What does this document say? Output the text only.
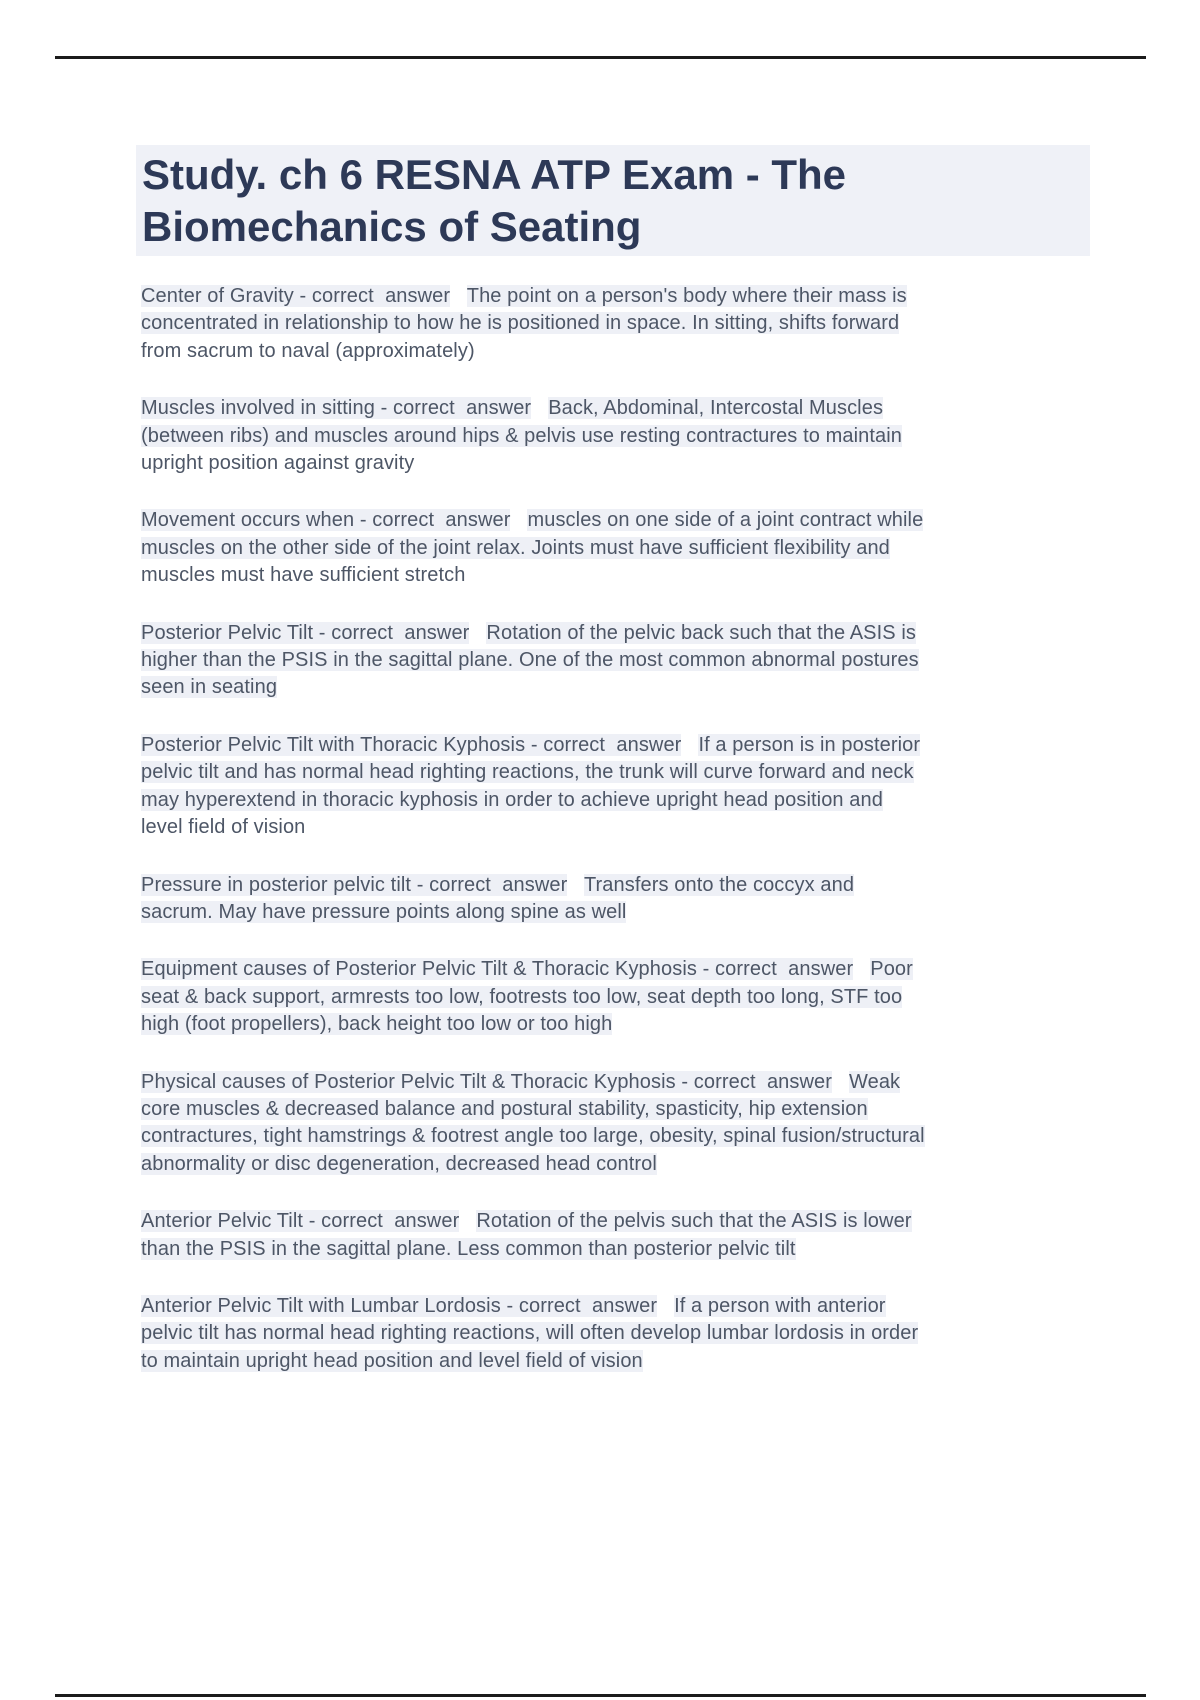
Study. ch 6 RESNA ATP Exam - The
Biomechanics of Seating
Center of Gravity - correct  answer The point on a person's body where their mass is
concentrated in relationship to how he is positioned in space. In sitting, shifts forward
from sacrum to naval (approximately)
Muscles involved in sitting - correct  answer Back, Abdominal, Intercostal Muscles
(between ribs) and muscles around hips & pelvis use resting contractures to maintain
upright position against gravity
Movement occurs when - correct  answer muscles on one side of a joint contract while
muscles on the other side of the joint relax. Joints must have sufficient flexibility and
muscles must have sufficient stretch
Posterior Pelvic Tilt - correct  answer Rotation of the pelvic back such that the ASIS is
higher than the PSIS in the sagittal plane. One of the most common abnormal postures
seen in seating
Posterior Pelvic Tilt with Thoracic Kyphosis - correct  answer If a person is in posterior
pelvic tilt and has normal head righting reactions, the trunk will curve forward and neck
may hyperextend in thoracic kyphosis in order to achieve upright head position and
level field of vision
Pressure in posterior pelvic tilt - correct  answer Transfers onto the coccyx and
sacrum. May have pressure points along spine as well
Equipment causes of Posterior Pelvic Tilt & Thoracic Kyphosis - correct  answer Poor
seat & back support, armrests too low, footrests too low, seat depth too long, STF too
high (foot propellers), back height too low or too high
Physical causes of Posterior Pelvic Tilt & Thoracic Kyphosis - correct  answer Weak
core muscles & decreased balance and postural stability, spasticity, hip extension
contractures, tight hamstrings & footrest angle too large, obesity, spinal fusion/structural
abnormality or disc degeneration, decreased head control
Anterior Pelvic Tilt - correct  answer Rotation of the pelvis such that the ASIS is lower
than the PSIS in the sagittal plane. Less common than posterior pelvic tilt
Anterior Pelvic Tilt with Lumbar Lordosis - correct  answer If a person with anterior
pelvic tilt has normal head righting reactions, will often develop lumbar lordosis in order
to maintain upright head position and level field of vision
